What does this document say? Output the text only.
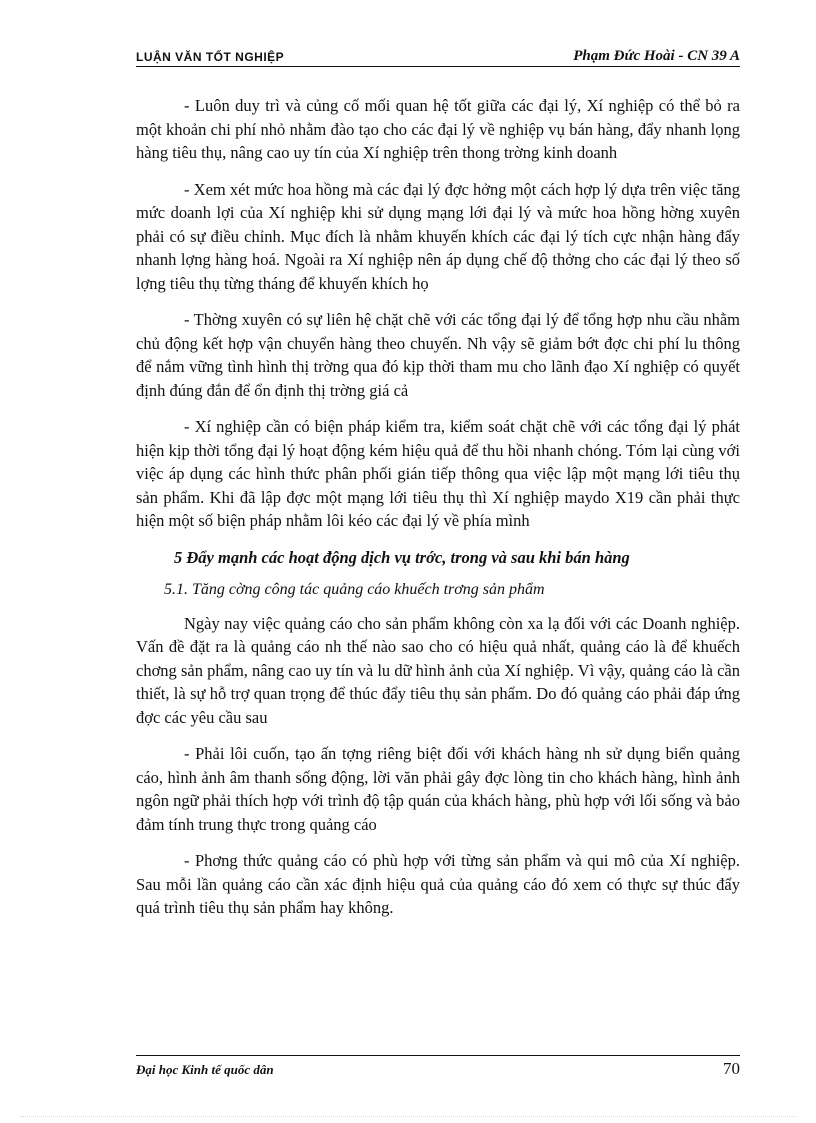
LUẬN VĂN TỐT NGHIỆP	Phạm Đức Hoài - CN 39 A

- Luôn duy trì và củng cố mối quan hệ tốt giữa các đại lý, Xí nghiệp có thể bỏ ra một khoản chi phí nhỏ nhằm đào tạo cho các đại lý về nghiệp vụ bán hàng, đẩy nhanh lọng hàng tiêu thụ, nâng cao uy tín của Xí nghiệp trên thong trờng kinh doanh

- Xem xét mức hoa hồng mà các đại lý đợc hởng một cách hợp lý dựa trên việc tăng mức doanh lợi của Xí nghiệp khi sử dụng mạng lới đại lý và mức hoa hồng hờng xuyên phải có sự điều chỉnh. Mục đích là nhằm khuyến khích các đại lý tích cực nhận hàng đẩy nhanh lợng hàng hoá. Ngoài ra Xí nghiệp nên áp dụng chế độ thởng cho các đại lý theo số lợng tiêu thụ từng tháng để khuyến khích họ

- Thờng xuyên có sự liên hệ chặt chẽ với các tổng đại lý để tổng hợp nhu cầu nhằm chủ động kết hợp vận chuyển hàng theo chuyến. Nh vậy sẽ giảm bớt đợc chi phí lu thông để nắm vững tình hình thị trờng qua đó kịp thời tham mu cho lãnh đạo Xí nghiệp có quyết định đúng đắn để ổn định thị trờng giá cả

- Xí nghiệp cần có biện pháp kiểm tra, kiểm soát chặt chẽ với các tổng đại lý phát hiện kịp thời tổng đại lý hoạt động kém hiệu quả để thu hồi nhanh chóng. Tóm lại cùng với việc áp dụng các hình thức phân phối gián tiếp thông qua việc lập một mạng lới tiêu thụ sản phẩm. Khi đã lập đợc một mạng lới tiêu thụ thì Xí nghiệp maydo X19 cần phải thực hiện một số biện pháp nhằm lôi kéo các đại lý về phía mình

5 Đẩy mạnh các hoạt động dịch vụ trớc, trong và sau khi bán hàng
5.1. Tăng cờng công tác quảng cáo khuếch trơng sản phẩm

Ngày nay việc quảng cáo cho sản phẩm không còn xa lạ đối với các Doanh nghiệp. Vấn đề đặt ra là quảng cáo nh thế nào sao cho có hiệu quả nhất, quảng cáo là để khuếch chơng sản phẩm, nâng cao uy tín và lu dữ hình ảnh của Xí nghiệp. Vì vậy, quảng cáo là cần thiết, là sự hỗ trợ quan trọng để thúc đẩy tiêu thụ sản phẩm. Do đó quảng cáo phải đáp ứng đợc các yêu cầu sau

- Phải lôi cuốn, tạo ấn tợng riêng biệt đối với khách hàng nh sử dụng biển quảng cáo, hình ảnh âm thanh sống động, lời văn phải gây đợc lòng tin cho khách hàng, hình ảnh ngôn ngữ phải thích hợp với trình độ tập quán của khách hàng, phù hợp với lối sống và bảo đảm tính trung thực trong quảng cáo

- Phơng thức quảng cáo có phù hợp với từng sản phẩm và qui mô của Xí nghiệp. Sau mỗi lần quảng cáo cần xác định hiệu quả của quảng cáo đó xem có thực sự thúc đẩy quá trình tiêu thụ sản phẩm hay không.

Đại học Kinh tế quốc dân	70
